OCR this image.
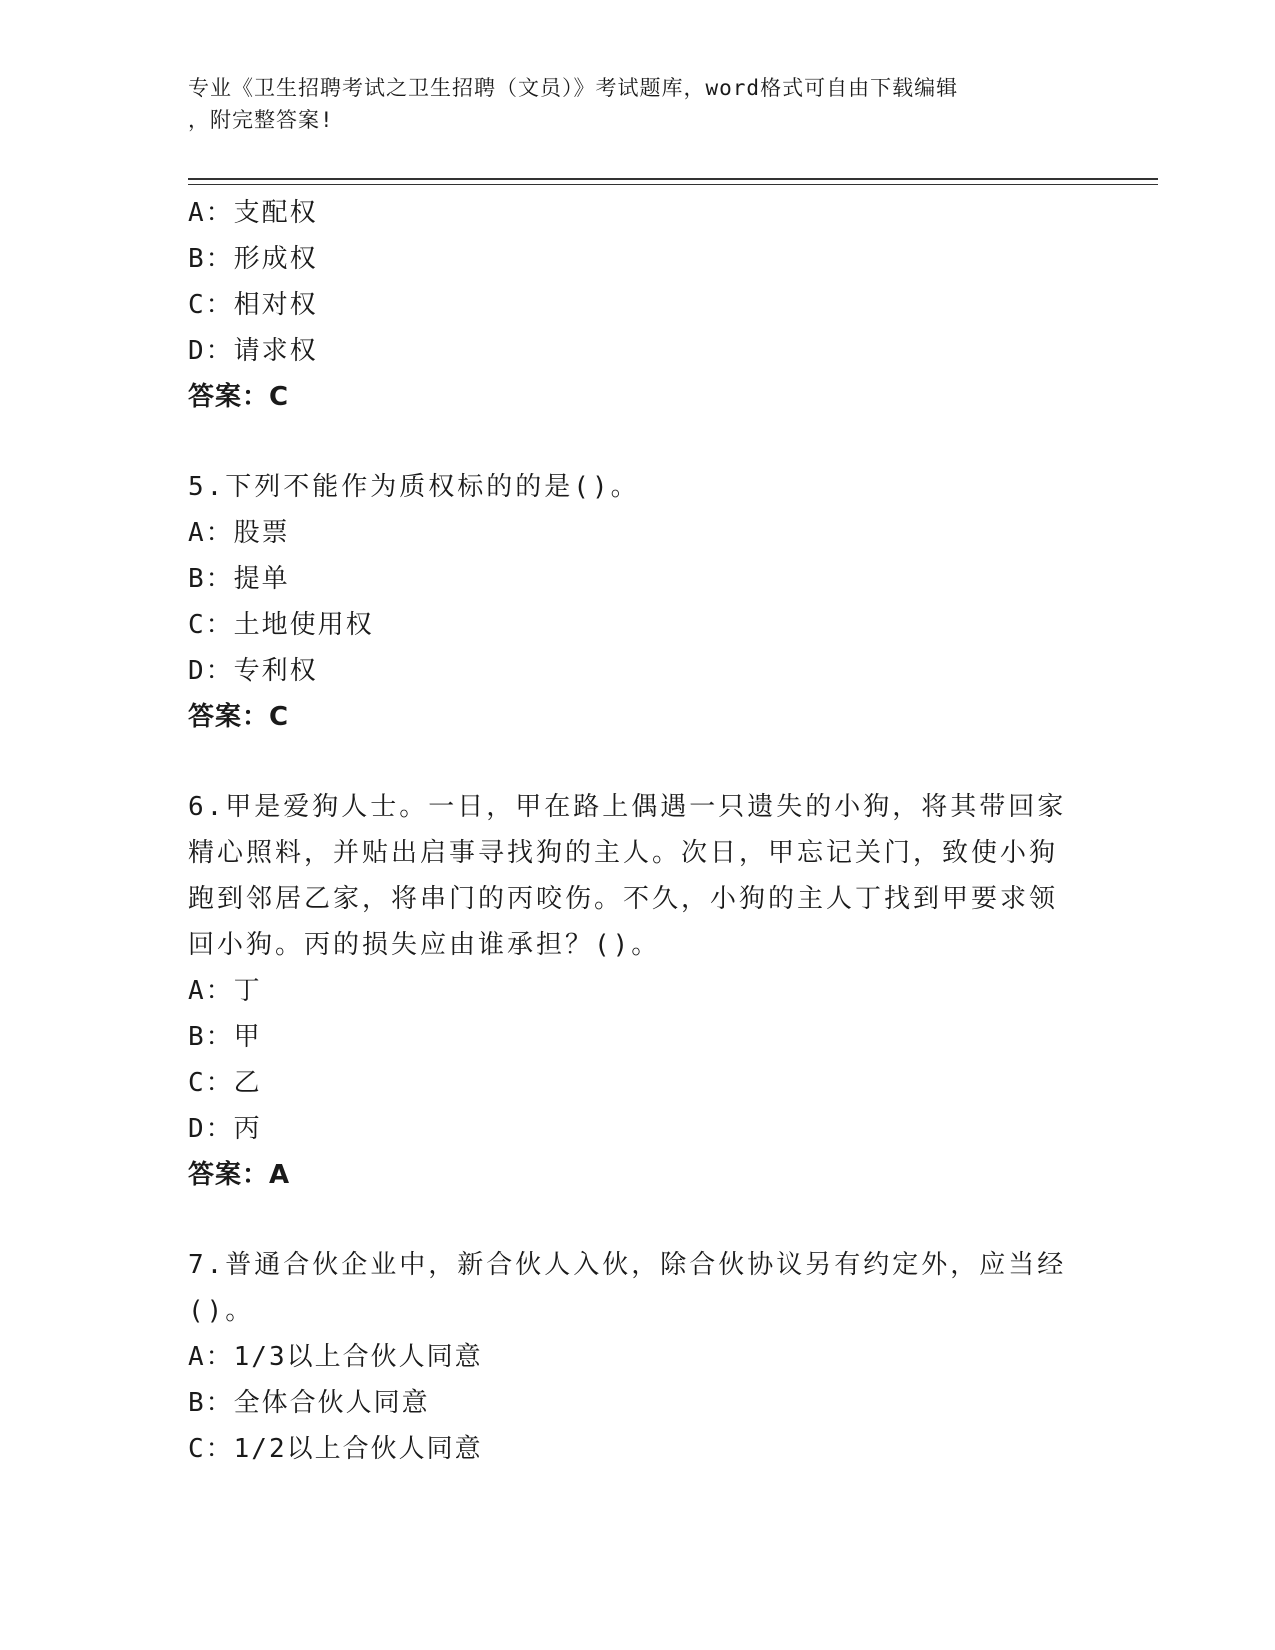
专业《卫生招聘考试之卫生招聘（文员）》考试题库，word格式可自由下载编辑
，附完整答案!
A：支配权
B：形成权
C：相对权
D：请求权
答案：C
5.下列不能作为质权标的的是()。
A：股票
B：提单
C：土地使用权
D：专利权
答案：C
6.甲是爱狗人士。一日，甲在路上偶遇一只遗失的小狗，将其带回家
精心照料，并贴出启事寻找狗的主人。次日，甲忘记关门，致使小狗
跑到邻居乙家，将串门的丙咬伤。不久，小狗的主人丁找到甲要求领
回小狗。丙的损失应由谁承担？()。
A：丁
B：甲
C：乙
D：丙
答案：A
7.普通合伙企业中，新合伙人入伙，除合伙协议另有约定外，应当经
()。
A：1/3以上合伙人同意
B：全体合伙人同意
C：1/2以上合伙人同意
